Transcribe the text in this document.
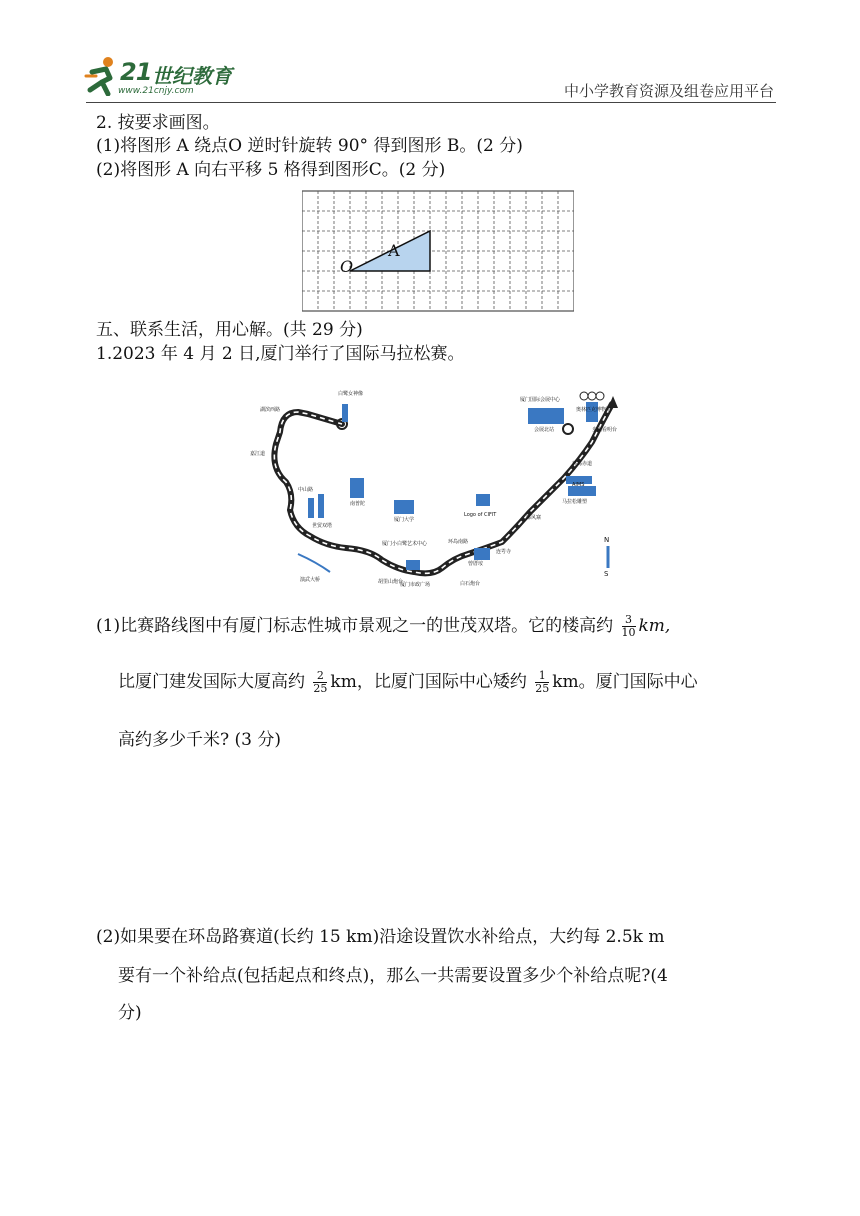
21 世纪教育
www.21cnjy.com	中小学教育资源及组卷应用平台
2. 按要求画图。
(1)将图形 A 绕点O 逆时针旋转 90° 得到图形 B。(2 分)
(2)将图形 A 向右平移 5 格得到图形C。(2 分)
O
A
五、联系生活，用心解。(共 29 分)
1.2023 年 4 月 2 日,厦门举行了国际马拉松赛。
白鹭女神像
湖滨西路
嘉江道
中山路
世贸双塔
南普陀
厦门大学
演武大桥
厦门小白鹭艺术中心
胡里山炮台
厦门市政广场	白石炮台
曾厝垵
环岛南路
Logo of CIFIT
连咢寺
椰风寨
马拉松雕塑
AIMS
环岛赤道
厦门国际会展中心
奥林匹克博物馆
会展北站	步山看明台
N
S
(1)比赛路线图中有厦门标志性城市景观之一的世茂双塔。它的楼高约 $\frac{3}{10}$ km,
比厦门建发国际大厦高约 $\frac{2}{25}$ km，比厦门国际中心矮约 $\frac{1}{25}$ km。厦门国际中心
高约多少千米? (3 分)
(2)如果要在环岛路赛道(长约 15 km)沿途设置饮水补给点，大约每 2.5k m
要有一个补给点(包括起点和终点)，那么一共需要设置多少个补给点呢?(4
分)
